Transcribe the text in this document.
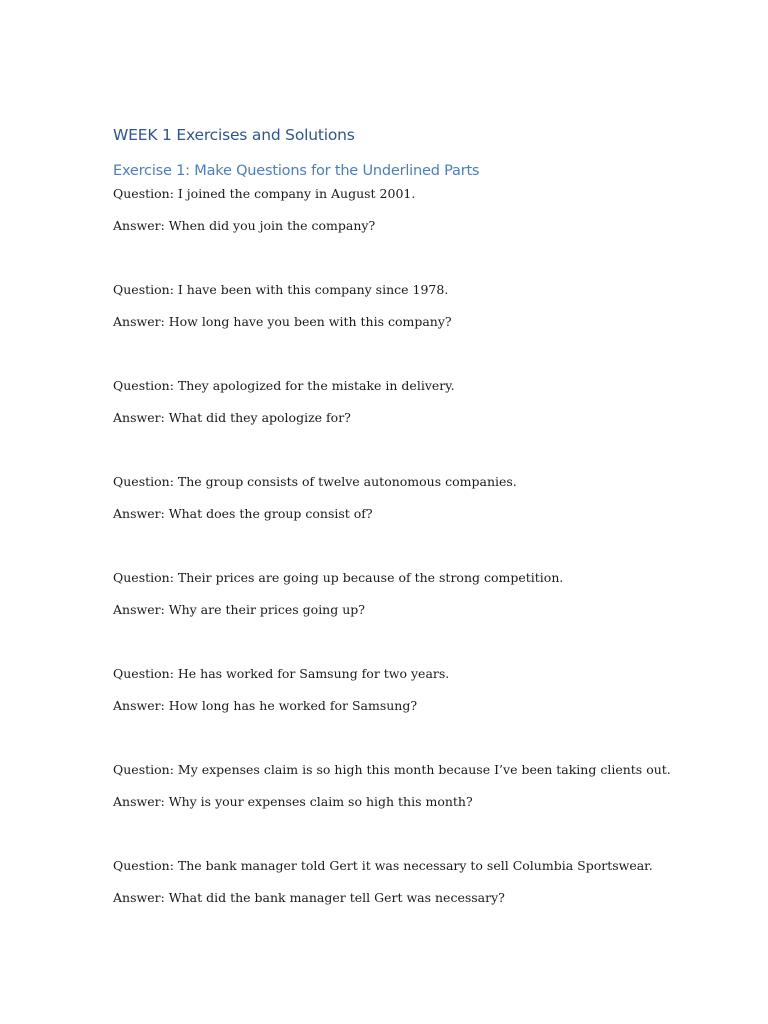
WEEK 1 Exercises and Solutions
Exercise 1: Make Questions for the Underlined Parts
Question: I joined the company in August 2001.
Answer: When did you join the company?
Question: I have been with this company since 1978.
Answer: How long have you been with this company?
Question: They apologized for the mistake in delivery.
Answer: What did they apologize for?
Question: The group consists of twelve autonomous companies.
Answer: What does the group consist of?
Question: Their prices are going up because of the strong competition.
Answer: Why are their prices going up?
Question: He has worked for Samsung for two years.
Answer: How long has he worked for Samsung?
Question: My expenses claim is so high this month because I’ve been taking clients out.
Answer: Why is your expenses claim so high this month?
Question: The bank manager told Gert it was necessary to sell Columbia Sportswear.
Answer: What did the bank manager tell Gert was necessary?
